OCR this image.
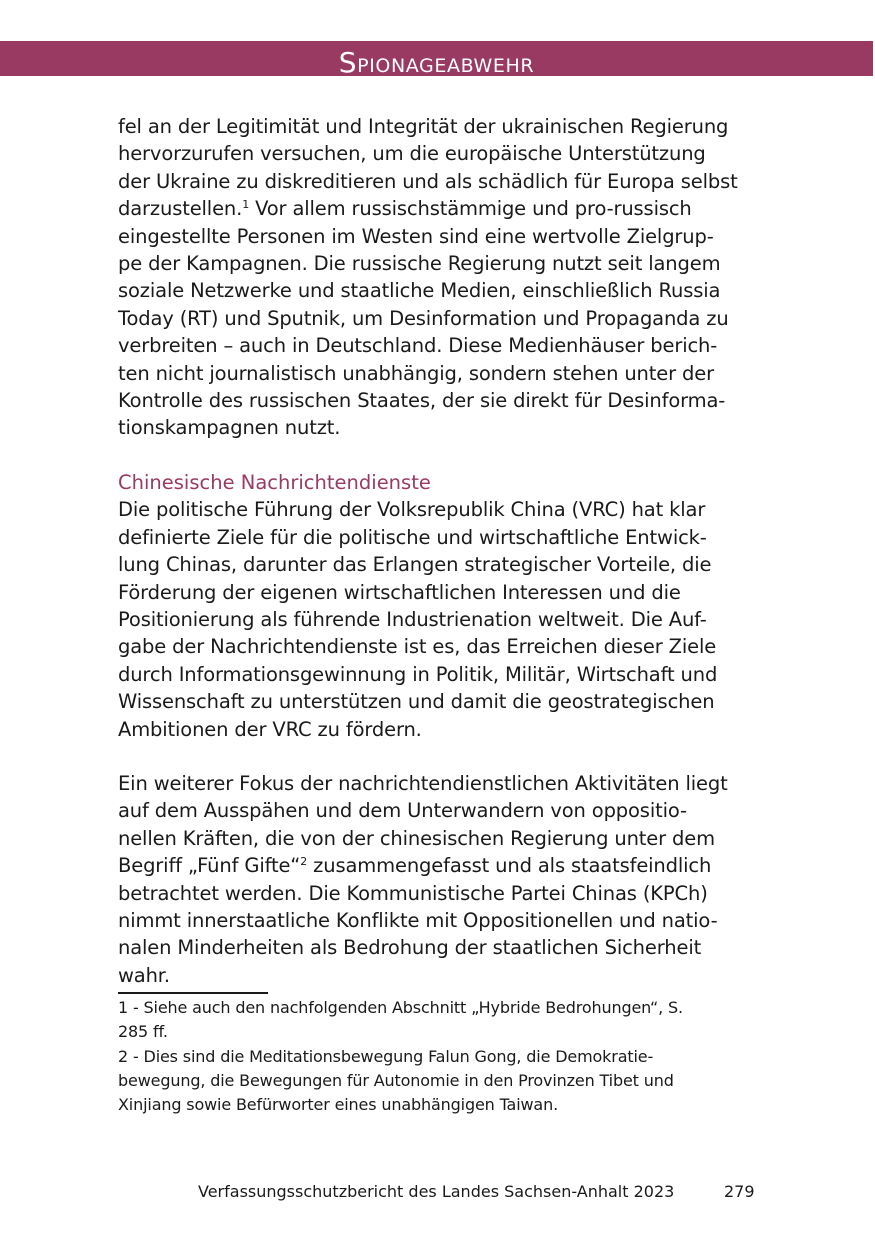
SPIONAGEABWEHR

fel an der Legitimität und Integrität der ukrainischen Regierung
hervorzurufen versuchen, um die europäische Unterstützung
der Ukraine zu diskreditieren und als schädlich für Europa selbst
darzustellen.$^1$ Vor allem russischstämmige und pro-russisch
eingestellte Personen im Westen sind eine wertvolle Zielgrup-
pe der Kampagnen. Die russische Regierung nutzt seit langem
soziale Netzwerke und staatliche Medien, einschließlich Russia
Today (RT) und Sputnik, um Desinformation und Propaganda zu
verbreiten – auch in Deutschland. Diese Medienhäuser berich-
ten nicht journalistisch unabhängig, sondern stehen unter der
Kontrolle des russischen Staates, der sie direkt für Desinforma-
tionskampagnen nutzt.

Chinesische Nachrichtendienste

Die politische Führung der Volksrepublik China (VRC) hat klar
definierte Ziele für die politische und wirtschaftliche Entwick-
lung Chinas, darunter das Erlangen strategischer Vorteile, die
Förderung der eigenen wirtschaftlichen Interessen und die
Positionierung als führende Industrienation weltweit. Die Auf-
gabe der Nachrichtendienste ist es, das Erreichen dieser Ziele
durch Informationsgewinnung in Politik, Militär, Wirtschaft und
Wissenschaft zu unterstützen und damit die geostrategischen
Ambitionen der VRC zu fördern.

Ein weiterer Fokus der nachrichtendienstlichen Aktivitäten liegt
auf dem Ausspähen und dem Unterwandern von oppositio-
nellen Kräften, die von der chinesischen Regierung unter dem
Begriff „Fünf Gifte“$^2$ zusammengefasst und als staatsfeindlich
betrachtet werden. Die Kommunistische Partei Chinas (KPCh)
nimmt innerstaatliche Konflikte mit Oppositionellen und natio-
nalen Minderheiten als Bedrohung der staatlichen Sicherheit
wahr.

1 - Siehe auch den nachfolgenden Abschnitt „Hybride Bedrohungen“, S.
285 ff.

2 - Dies sind die Meditationsbewegung Falun Gong, die Demokratie-
bewegung, die Bewegungen für Autonomie in den Provinzen Tibet und
Xinjiang sowie Befürworter eines unabhängigen Taiwan.

Verfassungsschutzbericht des Landes Sachsen-Anhalt 2023	279
